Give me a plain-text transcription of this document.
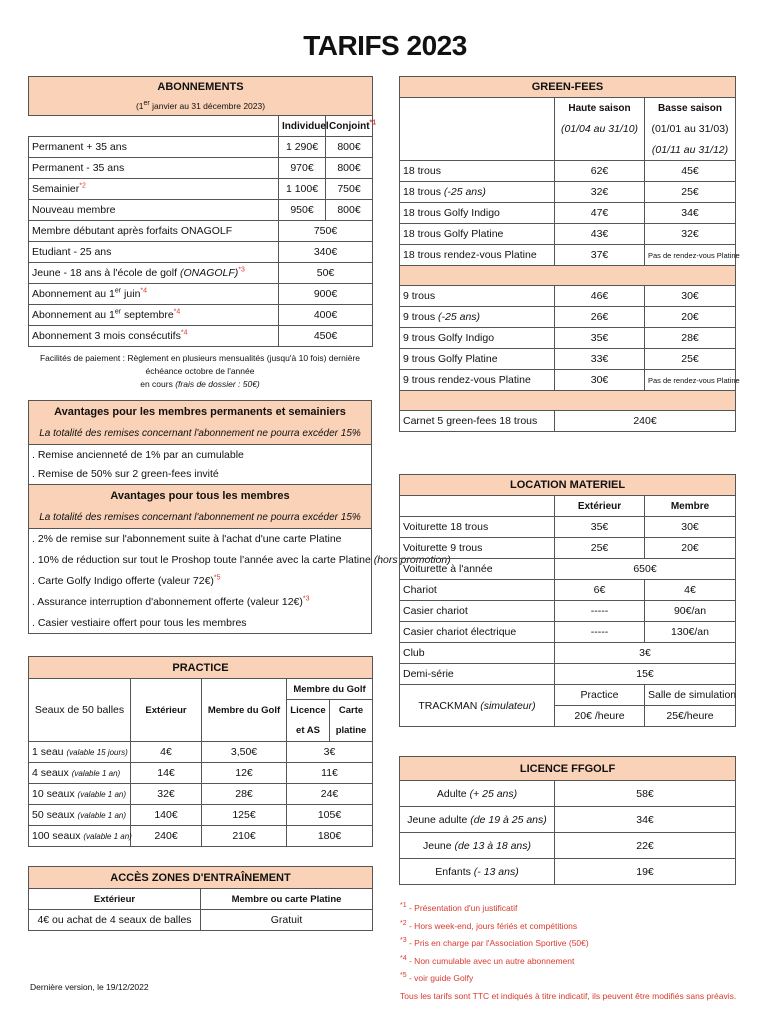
TARIFS 2023
ABONNEMENTS		
(1er janvier au 31 décembre 2023)		
	Individuel	Conjoint$^{*1}$
Permanent + 35 ans	1 290€	800€
Permanent - 35 ans	970€	800€
Semainier$^{*2}$	1 100€	750€
Nouveau membre	950€	800€
Membre débutant après forfaits ONAGOLF	750€	
Etudiant - 25 ans	340€	
Jeune - 18 ans à l'école de golf (ONAGOLF)$^{*3}$	50€	
Abonnement au 1er juin$^{*4}$	900€	
Abonnement au 1er septembre$^{*4}$	400€	
Abonnement 3 mois consécutifs$^{*4}$	450€	
Facilités de paiement : Règlement en plusieurs mensualités (jusqu'à 10 fois) dernière échéance octobre de l'année
en cours (frais de dossier : 50€)
Avantages pour les membres permanents et semainiers
La totalité des remises concernant l'abonnement ne pourra excéder 15%
. Remise ancienneté de 1% par an cumulable
. Remise de 50% sur 2 green-fees invité
Avantages pour tous les membres
La totalité des remises concernant l'abonnement ne pourra excéder 15%
. 2% de remise sur l'abonnement suite à l'achat d'une carte Platine
. 10% de réduction sur tout le Proshop toute l'année avec la carte Platine (hors promotion)
. Carte Golfy Indigo offerte (valeur 72€)$^{*5}$
. Assurance interruption d'abonnement offerte (valeur 12€)$^{*3}$
. Casier vestiaire offert pour tous les membres
PRACTICE				
Seaux de 50 balles	Extérieur	Membre du Golf	Membre du Golf	
			Licence	Carte
			et AS	platine
1 seau (valable 15 jours)	4€	3,50€	3€	
4 seaux (valable 1 an)	14€	12€	11€	
10 seaux (valable 1 an)	32€	28€	24€	
50 seaux (valable 1 an)	140€	125€	105€	
100 seaux (valable 1 an)	240€	210€	180€	
ACCÈS ZONES D'ENTRAÎNEMENT	
Extérieur	Membre ou carte Platine
4€ ou achat de 4 seaux de balles	Gratuit
GREEN-FEES		
	Haute saison	Basse saison
	(01/04 au 31/10)	(01/01 au 31/03)
		(01/11 au 31/12)
18 trous	62€	45€
18 trous (-25 ans)	32€	25€
18 trous Golfy Indigo	47€	34€
18 trous Golfy Platine	43€	32€
18 trous rendez-vous Platine	37€	Pas de rendez-vous Platine

9 trous	46€	30€
9 trous (-25 ans)	26€	20€
9 trous Golfy Indigo	35€	28€
9 trous Golfy Platine	33€	25€
9 trous rendez-vous Platine	30€	Pas de rendez-vous Platine

Carnet 5 green-fees 18 trous	240€	
LOCATION MATERIEL		
	Extérieur	Membre
Voiturette 18 trous	35€	30€
Voiturette 9 trous	25€	20€
Voiturette à l'année	650€	
Chariot	6€	4€
Casier chariot	-----	90€/an
Casier chariot électrique	-----	130€/an
Club	3€	
Demi-série	15€	
TRACKMAN (simulateur)	Practice	Salle de simulation
	20€ /heure	25€/heure
LICENCE FFGOLF	
Adulte (+ 25 ans)	58€
Jeune adulte (de 19 à 25 ans)	34€
Jeune (de 13 à 18 ans)	22€
Enfants (- 13 ans)	19€
$^{*1}$ - Présentation d'un justificatif
$^{*2}$ - Hors week-end, jours fériés et compétitions
$^{*3}$ - Pris en charge par l'Association Sportive (50€)
$^{*4}$ - Non cumulable avec un autre abonnement
$^{*5}$ - voir guide Golfy
Tous les tarifs sont TTC et indiqués à titre indicatif, ils peuvent être modifiés sans préavis.
Dernière version, le 19/12/2022
